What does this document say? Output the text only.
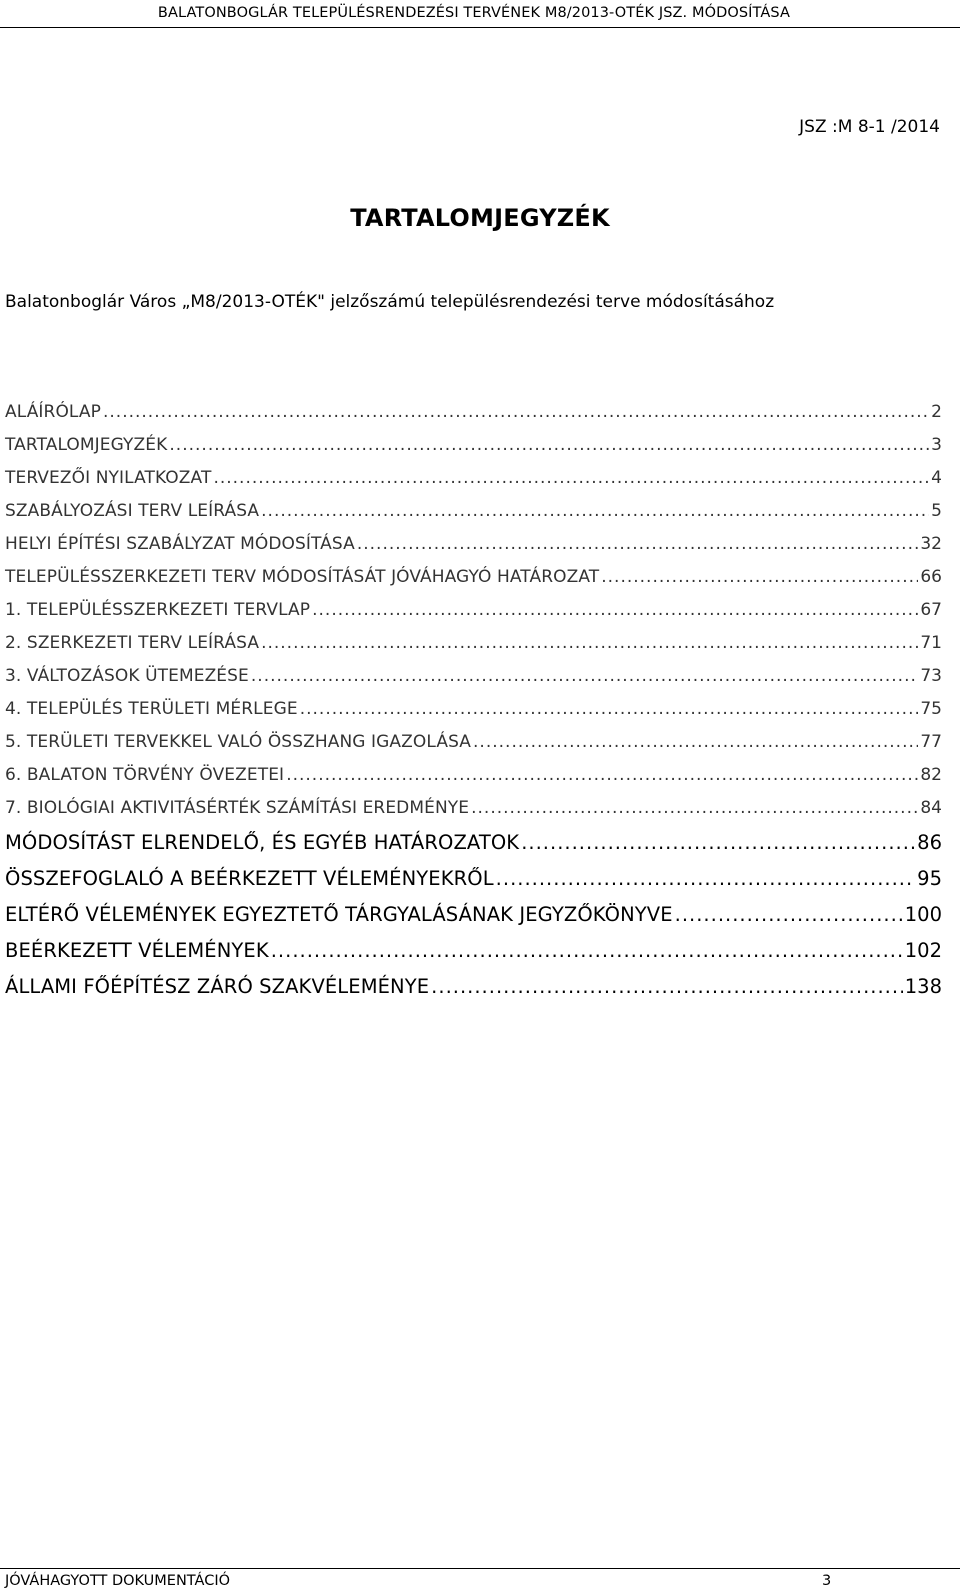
BALATONBOGLÁR TELEPÜLÉSRENDEZÉSI TERVÉNEK M8/2013-OTÉK JSZ. MÓDOSÍTÁSA
JSZ :M 8-1 /2014
TARTALOMJEGYZÉK
Balatonboglár Város „M8/2013-OTÉK" jelzőszámú településrendezési terve módosításához
ALÁÍRÓLAP .....	2
TARTALOMJEGYZÉK .....	3
TERVEZŐI NYILATKOZAT .....	4
SZABÁLYOZÁSI TERV LEÍRÁSA .....	5
HELYI ÉPÍTÉSI SZABÁLYZAT MÓDOSÍTÁSA .....	32
TELEPÜLÉSSZERKEZETI TERV MÓDOSÍTÁSÁT JÓVÁHAGYÓ HATÁROZAT .....	66
1. TELEPÜLÉSSZERKEZETI TERVLAP .....	67
2. SZERKEZETI TERV LEÍRÁSA .....	71
3. VÁLTOZÁSOK ÜTEMEZÉSE .....	73
4. TELEPÜLÉS TERÜLETI MÉRLEGE .....	75
5. TERÜLETI TERVEKKEL VALÓ ÖSSZHANG IGAZOLÁSA .....	77
6. BALATON TÖRVÉNY ÖVEZETEI .....	82
7. BIOLÓGIAI AKTIVITÁSÉRTÉK SZÁMÍTÁSI EREDMÉNYE .....	84
MÓDOSÍTÁST ELRENDELŐ, ÉS EGYÉB HATÁROZATOK .....	86
ÖSSZEFOGLALÓ A BEÉRKEZETT VÉLEMÉNYEKRŐL .....	95
ELTÉRŐ VÉLEMÉNYEK EGYEZTETŐ TÁRGYALÁSÁNAK JEGYZŐKÖNYVE .....	100
BEÉRKEZETT VÉLEMÉNYEK .....	102
ÁLLAMI FŐÉPÍTÉSZ ZÁRÓ SZAKVÉLEMÉNYE .....	138
JÓVÁHAGYOTT DOKUMENTÁCIÓ	3
